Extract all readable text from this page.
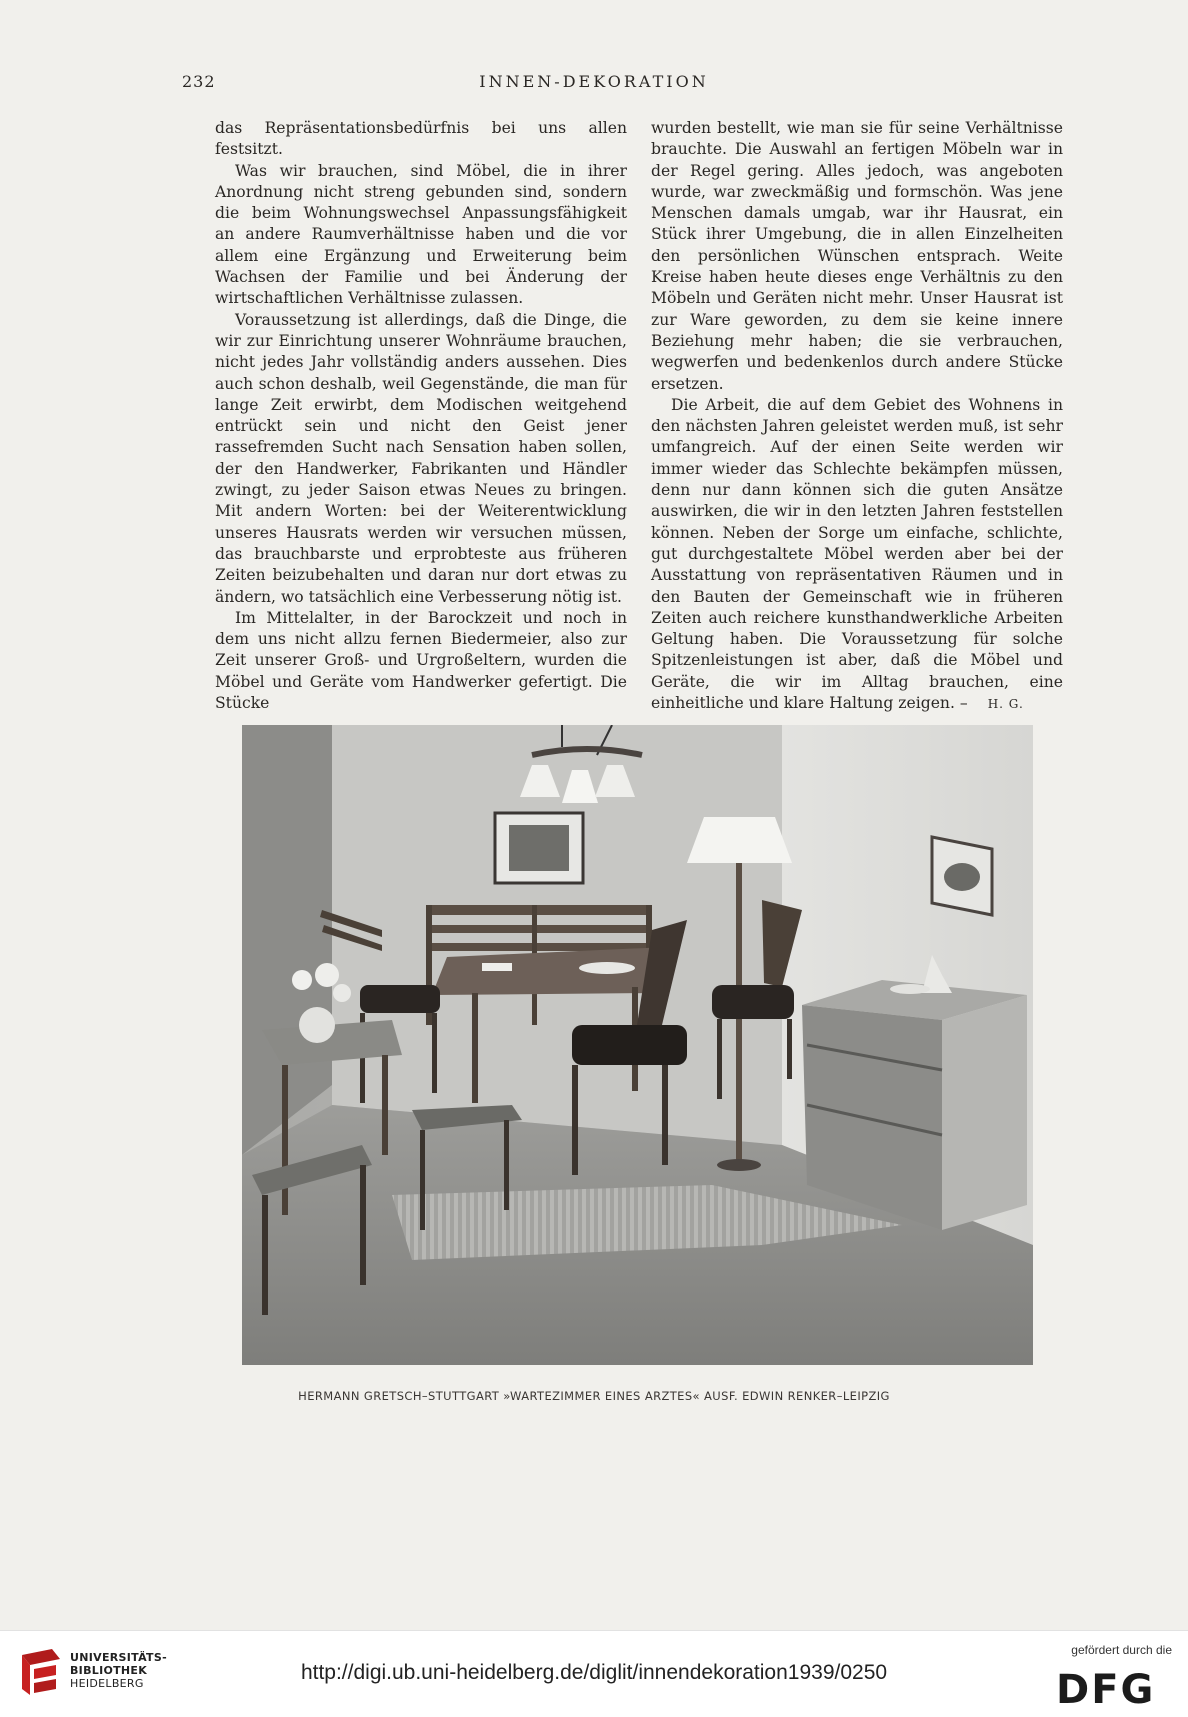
232	INNEN-DEKORATION

das Repräsentationsbedürfnis bei uns allen festsitzt.

Was wir brauchen, sind Möbel, die in ihrer Anordnung nicht streng gebunden sind, sondern die beim Wohnungswechsel Anpassungsfähigkeit an andere Raumverhältnisse haben und die vor allem eine Ergänzung und Erweiterung beim Wachsen der Familie und bei Änderung der wirtschaftlichen Verhältnisse zulassen.

Voraussetzung ist allerdings, daß die Dinge, die wir zur Einrichtung unserer Wohnräume brauchen, nicht jedes Jahr vollständig anders aussehen. Dies auch schon deshalb, weil Gegenstände, die man für lange Zeit erwirbt, dem Modischen weitgehend entrückt sein und nicht den Geist jener rassefremden Sucht nach Sensation haben sollen, der den Handwerker, Fabrikanten und Händler zwingt, zu jeder Saison etwas Neues zu bringen. Mit andern Worten: bei der Weiterentwicklung unseres Hausrats werden wir versuchen müssen, das brauchbarste und erprobteste aus früheren Zeiten beizubehalten und daran nur dort etwas zu ändern, wo tatsächlich eine Verbesserung nötig ist.

Im Mittelalter, in der Barockzeit und noch in dem uns nicht allzu fernen Biedermeier, also zur Zeit unserer Groß- und Urgroßeltern, wurden die Möbel und Geräte vom Handwerker gefertigt. Die Stücke

wurden bestellt, wie man sie für seine Verhältnisse brauchte. Die Auswahl an fertigen Möbeln war in der Regel gering. Alles jedoch, was angeboten wurde, war zweckmäßig und formschön. Was jene Menschen damals umgab, war ihr Hausrat, ein Stück ihrer Umgebung, die in allen Einzelheiten den persönlichen Wünschen entsprach. Weite Kreise haben heute dieses enge Verhältnis zu den Möbeln und Geräten nicht mehr. Unser Hausrat ist zur Ware geworden, zu dem sie keine innere Beziehung mehr haben; die sie verbrauchen, wegwerfen und bedenkenlos durch andere Stücke ersetzen.

Die Arbeit, die auf dem Gebiet des Wohnens in den nächsten Jahren geleistet werden muß, ist sehr umfangreich. Auf der einen Seite werden wir immer wieder das Schlechte bekämpfen müssen, denn nur dann können sich die guten Ansätze auswirken, die wir in den letzten Jahren feststellen können. Neben der Sorge um einfache, schlichte, gut durchgestaltete Möbel werden aber bei der Ausstattung von repräsentativen Räumen und in den Bauten der Gemeinschaft wie in früheren Zeiten auch reichere kunsthandwerkliche Arbeiten Geltung haben. Die Voraussetzung für solche Spitzenleistungen ist aber, daß die Möbel und Geräte, die wir im Alltag brauchen, eine einheitliche und klare Haltung zeigen. – H. G.

HERMANN GRETSCH–STUTTGART »WARTEZIMMER EINES ARZTES« AUSF. EDWIN RENKER–LEIPZIG
UNIVERSITÄTS-
BIBLIOTHEK
HEIDELBERG	http://digi.ub.uni-heidelberg.de/diglit/innendekoration1939/0250
gefördert durch die
DFG
